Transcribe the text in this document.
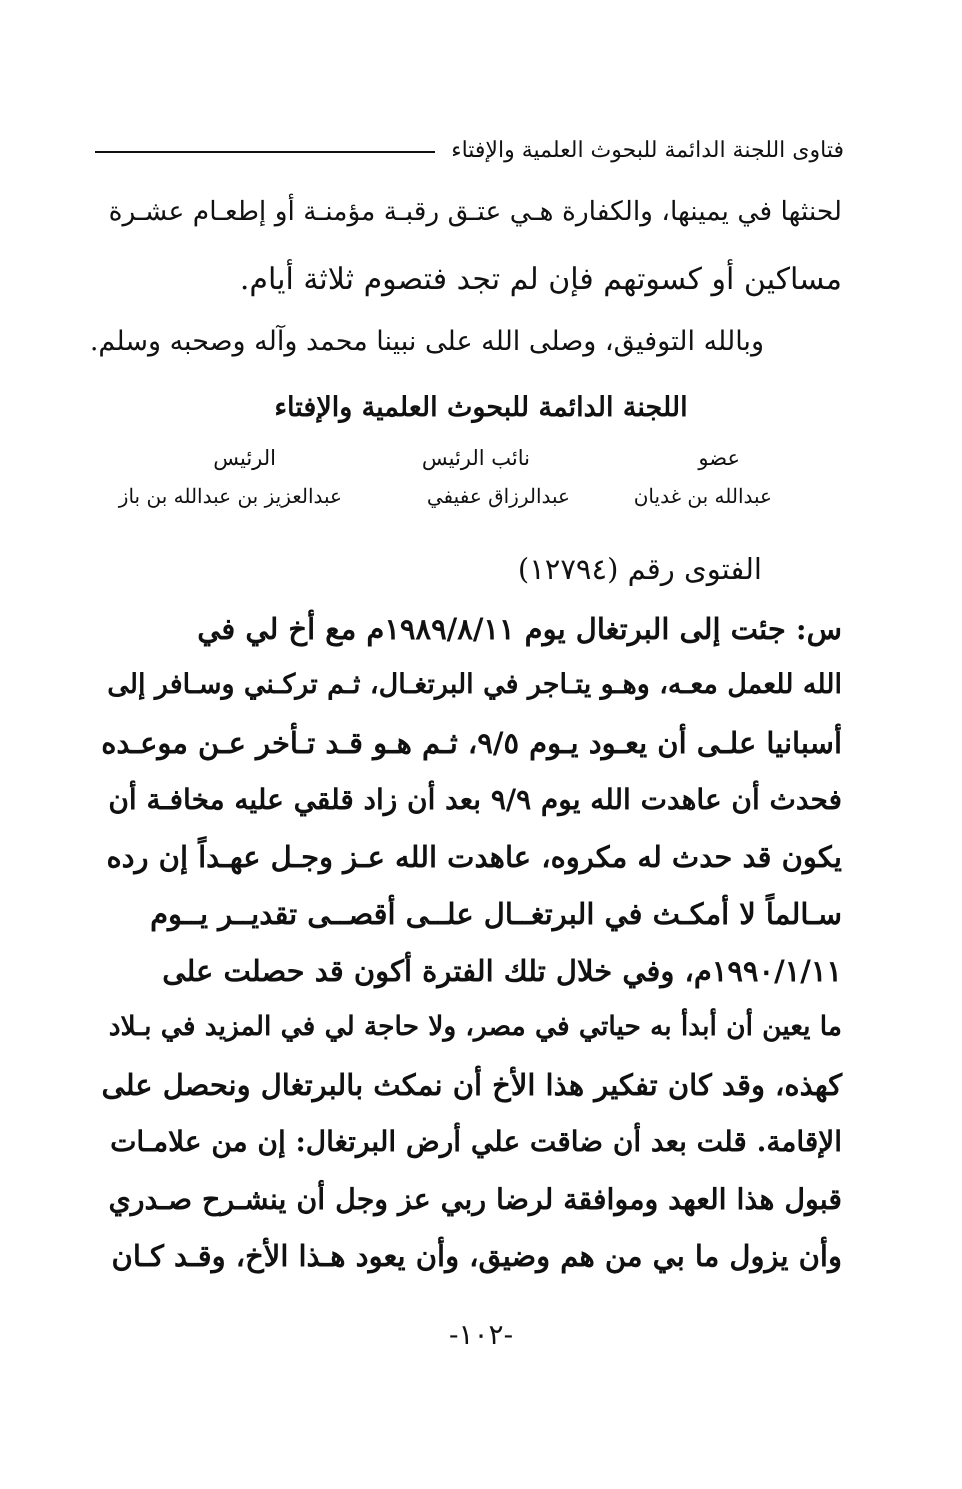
فتاوى اللجنة الدائمة للبحوث العلمية والإفتاء
لحنثها في يمينها، والكفارة هـي عتـق رقبـة مؤمنـة أو إطعـام عشـرة
مساكين أو كسوتهم فإن لم تجد فتصوم ثلاثة أيام.
وبالله التوفيق، وصلى الله على نبينا محمد وآله وصحبه وسلم.
اللجنة الدائمة للبحوث العلمية والإفتاء
عضو
نائب الرئيس
الرئيس
عبدالله بن غديان
عبدالرزاق عفيفي
عبدالعزيز بن عبدالله بن باز
الفتوى رقم (١٢٧٩٤)
س: جئت إلى البرتغال يوم ١٩٨٩/٨/١١م مع أخ لي في
الله للعمل معـه، وهـو يتـاجر في البرتغـال، ثـم تركـني وسـافر إلى
أسبانيا علـى أن يعـود يـوم ٩/٥، ثـم هـو قـد تـأخر عـن موعـده
فحدث أن عاهدت الله يوم ٩/٩ بعد أن زاد قلقي عليه مخافـة أن
يكون قد حدث له مكروه، عاهدت الله عـز وجـل عهـداً إن رده
سـالماً لا أمكـث في البرتغــال علــى أقصــى تقديــر يــوم
١٩٩٠/١/١١م، وفي خلال تلك الفترة أكون قد حصلت على
ما يعين أن أبدأ به حياتي في مصر، ولا حاجة لي في المزيد في بـلاد
كهذه، وقد كان تفكير هذا الأخ أن نمكث بالبرتغال ونحصل على
الإقامة. قلت بعد أن ضاقت علي أرض البرتغال: إن من علامـات
قبول هذا العهد وموافقة لرضا ربي عز وجل أن ينشـرح صـدري
وأن يزول ما بي من هم وضيق، وأن يعود هـذا الأخ، وقـد كـان
-١٠٢-
